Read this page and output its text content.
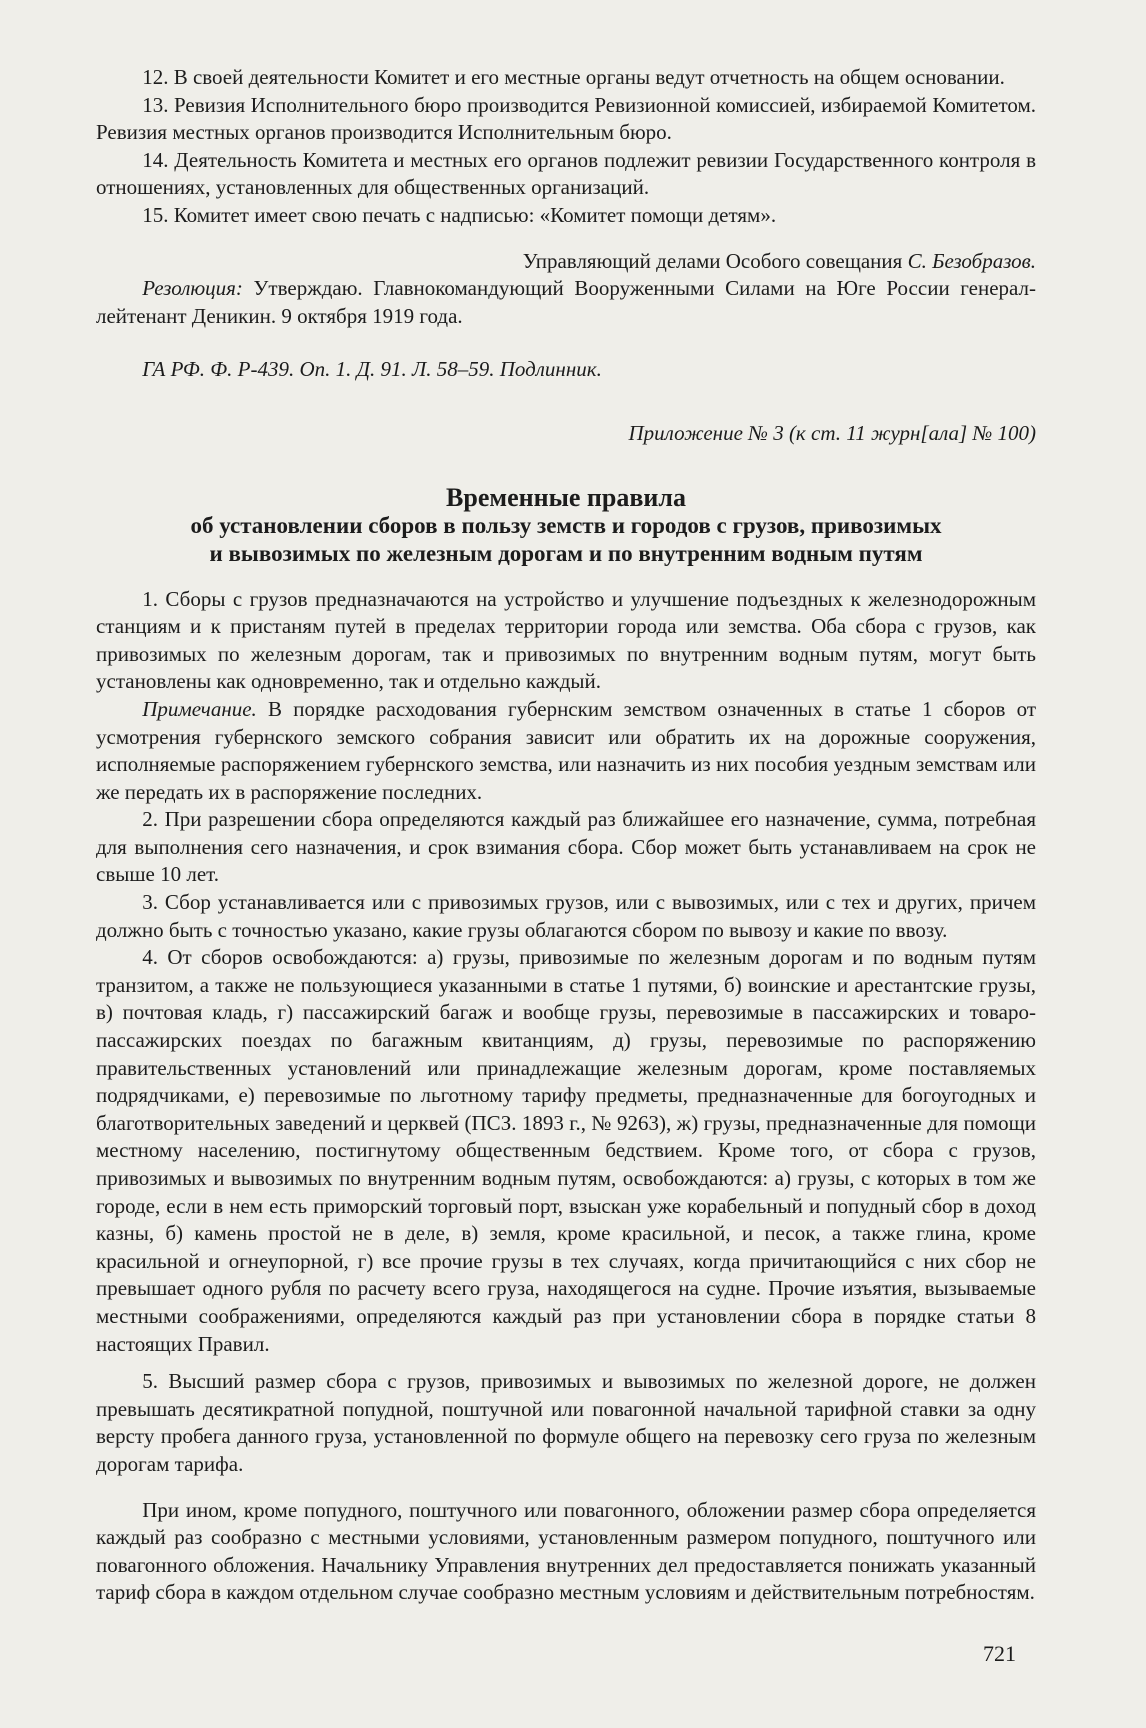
12. В своей деятельности Комитет и его местные органы ведут отчетность на общем основании.

13. Ревизия Исполнительного бюро производится Ревизионной комиссией, избираемой Комитетом. Ревизия местных органов производится Исполнительным бюро.

14. Деятельность Комитета и местных его органов подлежит ревизии Государственного контроля в отношениях, установленных для общественных организаций.

15. Комитет имеет свою печать с надписью: «Комитет помощи детям».

Управляющий делами Особого совещания С. Безобразов.

Резолюция: Утверждаю. Главнокомандующий Вооруженными Силами на Юге России генерал-лейтенант Деникин. 9 октября 1919 года.

ГА РФ. Ф. Р-439. Оп. 1. Д. 91. Л. 58–59. Подлинник.

Приложение № 3 (к ст. 11 журн[ала] № 100)

Временные правила
об установлении сборов в пользу земств и городов с грузов, привозимых
и вывозимых по железным дорогам и по внутренним водным путям

1. Сборы с грузов предназначаются на устройство и улучшение подъездных к железнодорожным станциям и к пристаням путей в пределах территории города или земства. Оба сбора с грузов, как привозимых по железным дорогам, так и привозимых по внутренним водным путям, могут быть установлены как одновременно, так и отдельно каждый.

Примечание. В порядке расходования губернским земством означенных в статье 1 сборов от усмотрения губернского земского собрания зависит или обратить их на дорожные сооружения, исполняемые распоряжением губернского земства, или назначить из них пособия уездным земствам или же передать их в распоряжение последних.

2. При разрешении сбора определяются каждый раз ближайшее его назначение, сумма, потребная для выполнения сего назначения, и срок взимания сбора. Сбор может быть устанавливаем на срок не свыше 10 лет.

3. Сбор устанавливается или с привозимых грузов, или с вывозимых, или с тех и других, причем должно быть с точностью указано, какие грузы облагаются сбором по вывозу и какие по ввозу.

4. От сборов освобождаются: а) грузы, привозимые по железным дорогам и по водным путям транзитом, а также не пользующиеся указанными в статье 1 путями, б) воинские и арестантские грузы, в) почтовая кладь, г) пассажирский багаж и вообще грузы, перевозимые в пассажирских и товаро-пассажирских поездах по багажным квитанциям, д) грузы, перевозимые по распоряжению правительственных установлений или принадлежащие железным дорогам, кроме поставляемых подрядчиками, е) перевозимые по льготному тарифу предметы, предназначенные для богоугодных и благотворительных заведений и церквей (ПСЗ. 1893 г., № 9263), ж) грузы, предназначенные для помощи местному населению, постигнутому общественным бедствием. Кроме того, от сбора с грузов, привозимых и вывозимых по внутренним водным путям, освобождаются: а) грузы, с которых в том же городе, если в нем есть приморский торговый порт, взыскан уже корабельный и попудный сбор в доход казны, б) камень простой не в деле, в) земля, кроме красильной, и песок, а также глина, кроме красильной и огнеупорной, г) все прочие грузы в тех случаях, когда причитающийся с них сбор не превышает одного рубля по расчету всего груза, находящегося на судне. Прочие изъятия, вызываемые местными соображениями, определяются каждый раз при установлении сбора в порядке статьи 8 настоящих Правил.

5. Высший размер сбора с грузов, привозимых и вывозимых по железной дороге, не должен превышать десятикратной попудной, поштучной или повагонной начальной тарифной ставки за одну версту пробега данного груза, установленной по формуле общего на перевозку сего груза по железным дорогам тарифа.

При ином, кроме попудного, поштучного или повагонного, обложении размер сбора определяется каждый раз сообразно с местными условиями, установленным размером попудного, поштучного или повагонного обложения. Начальнику Управления внутренних дел предоставляется понижать указанный тариф сбора в каждом отдельном случае сообразно местным условиям и действительным потребностям.

721
